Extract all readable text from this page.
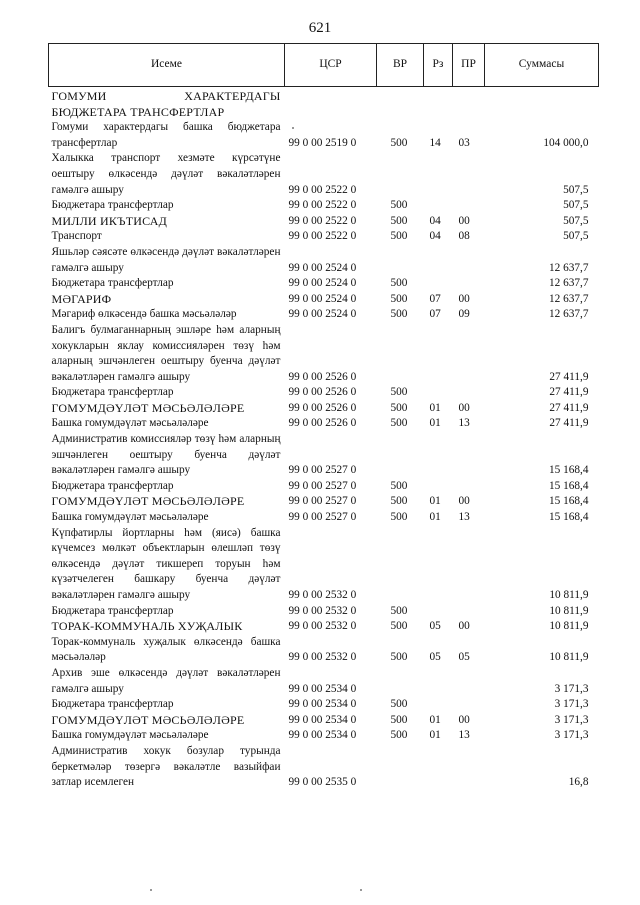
621
Исеме	ЦСР	ВР	Рз	ПР	Суммасы
ГОМУМИ ХАРАКТЕРДАГЫ БЮДЖЕТАРА ТРАНСФЕРТЛАР					
Гомуми характердагы башка бюджетара трансфертлар	99 0 00 2519 0	500	14	03	104 000,0
Халыкка транспорт хезмәте күрсәтүне оештыру өлкәсендә дәүләт вәкаләтләрен гамәлгә ашыру	99 0 00 2522 0				507,5
Бюджетара трансфертлар	99 0 00 2522 0	500			507,5
МИЛЛИ ИКЪТИСАД	99 0 00 2522 0	500	04	00	507,5
Транспорт	99 0 00 2522 0	500	04	08	507,5
Яшьләр сәясәте өлкәсендә дәүләт вәкаләтләрен гамәлгә ашыру	99 0 00 2524 0				12 637,7
Бюджетара трансфертлар	99 0 00 2524 0	500			12 637,7
МӘГАРИФ	99 0 00 2524 0	500	07	00	12 637,7
Мәгариф өлкәсендә башка мәсьәләләр	99 0 00 2524 0	500	07	09	12 637,7
Балигъ булмаганнарның эшләре һәм аларның хокукларын яклау комиссияләрен төзү һәм аларның эшчәнлеген оештыру буенча дәүләт вәкаләтләрен гамәлгә ашыру	99 0 00 2526 0				27 411,9
Бюджетара трансфертлар	99 0 00 2526 0	500			27 411,9
ГОМУМДӘҮЛӘТ МӘСЬӘЛӘЛӘРЕ	99 0 00 2526 0	500	01	00	27 411,9
Башка гомумдәүләт мәсьәләләре	99 0 00 2526 0	500	01	13	27 411,9
Административ комиссияләр төзү һәм аларның эшчәнлеген оештыру буенча дәүләт вәкаләтләрен гамәлгә ашыру	99 0 00 2527 0				15 168,4
Бюджетара трансфертлар	99 0 00 2527 0	500			15 168,4
ГОМУМДӘҮЛӘТ МӘСЬӘЛӘЛӘРЕ	99 0 00 2527 0	500	01	00	15 168,4
Башка гомумдәүләт мәсьәләләре	99 0 00 2527 0	500	01	13	15 168,4
Күпфатирлы йортларны һәм (яисә) башка күчемсез мөлкәт объектларын өлешләп төзү өлкәсендә дәүләт тикшереп торуын һәм күзәтчелеген башкару буенча дәүләт вәкаләтләрен гамәлгә ашыру	99 0 00 2532 0				10 811,9
Бюджетара трансфертлар	99 0 00 2532 0	500			10 811,9
ТОРАК-КОММУНАЛЬ ХУҖАЛЫК	99 0 00 2532 0	500	05	00	10 811,9
Торак-коммуналь хуҗалык өлкәсендә башка мәсьәләләр	99 0 00 2532 0	500	05	05	10 811,9
Архив эше өлкәсендә дәүләт вәкаләтләрен гамәлгә ашыру	99 0 00 2534 0				3 171,3
Бюджетара трансфертлар	99 0 00 2534 0	500			3 171,3
ГОМУМДӘҮЛӘТ МӘСЬӘЛӘЛӘРЕ	99 0 00 2534 0	500	01	00	3 171,3
Башка гомумдәүләт мәсьәләләре	99 0 00 2534 0	500	01	13	3 171,3
Административ хокук бозулар турында беркетмәләр төзергә вәкаләтле вазыйфаи затлар исемлеген	99 0 00 2535 0				16,8
